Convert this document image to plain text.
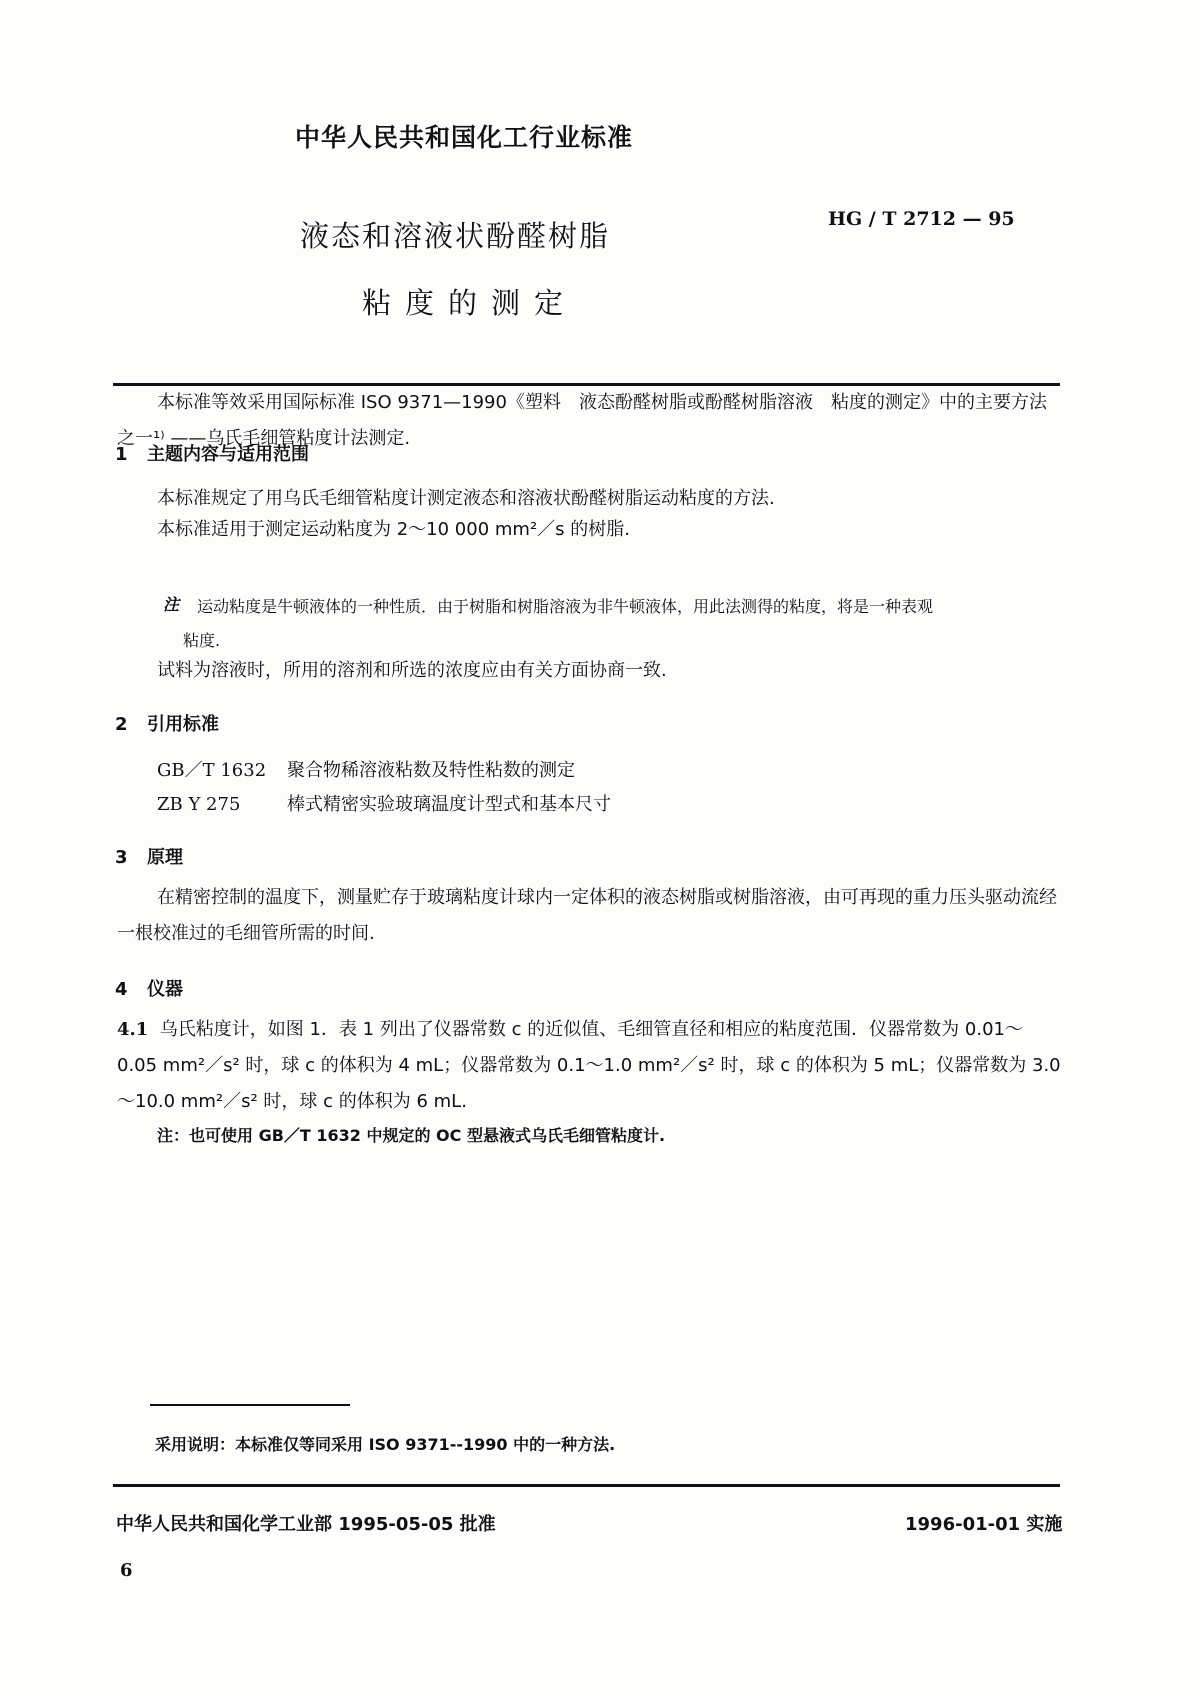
中华人民共和国化工行业标准
液态和溶液状酚醛树脂
粘度的测定
HG / T 2712 — 95
本标准等效采用国际标准 ISO 9371—1990《塑料　液态酚醛树脂或酚醛树脂溶液　粘度的测定》中的主要方法之一¹⁾ ——乌氏毛细管粘度计法测定.
1 主题内容与适用范围
本标准规定了用乌氏毛细管粘度计测定液态和溶液状酚醛树脂运动粘度的方法.
本标准适用于测定运动粘度为 2～10 000 mm²／s 的树脂.
注 运动粘度是牛顿液体的一种性质．由于树脂和树脂溶液为非牛顿液体，用此法测得的粘度，将是一种表观
粘度.
试料为溶液时，所用的溶剂和所选的浓度应由有关方面协商一致.
2 引用标准
GB／T 1632 聚合物稀溶液粘数及特性粘数的测定
ZB Y 275	棒式精密实验玻璃温度计型式和基本尺寸
3 原理
在精密控制的温度下，测量贮存于玻璃粘度计球内一定体积的液态树脂或树脂溶液，由可再现的重力压头驱动流经一根校准过的毛细管所需的时间.
4 仪器
4.1 乌氏粘度计，如图 1．表 1 列出了仪器常数 c 的近似值、毛细管直径和相应的粘度范围．仪器常数为 0.01～0.05 mm²／s² 时，球 c 的体积为 4 mL；仪器常数为 0.1～1.0 mm²／s² 时，球 c 的体积为 5 mL；仪器常数为 3.0～10.0 mm²／s² 时，球 c 的体积为 6 mL.
注：也可使用 GB／T 1632 中规定的 OC 型悬液式乌氏毛细管粘度计.
采用说明：本标准仅等同采用 ISO 9371--1990 中的一种方法.
中华人民共和国化学工业部 1995-05-05 批准	1996-01-01 实施
6
